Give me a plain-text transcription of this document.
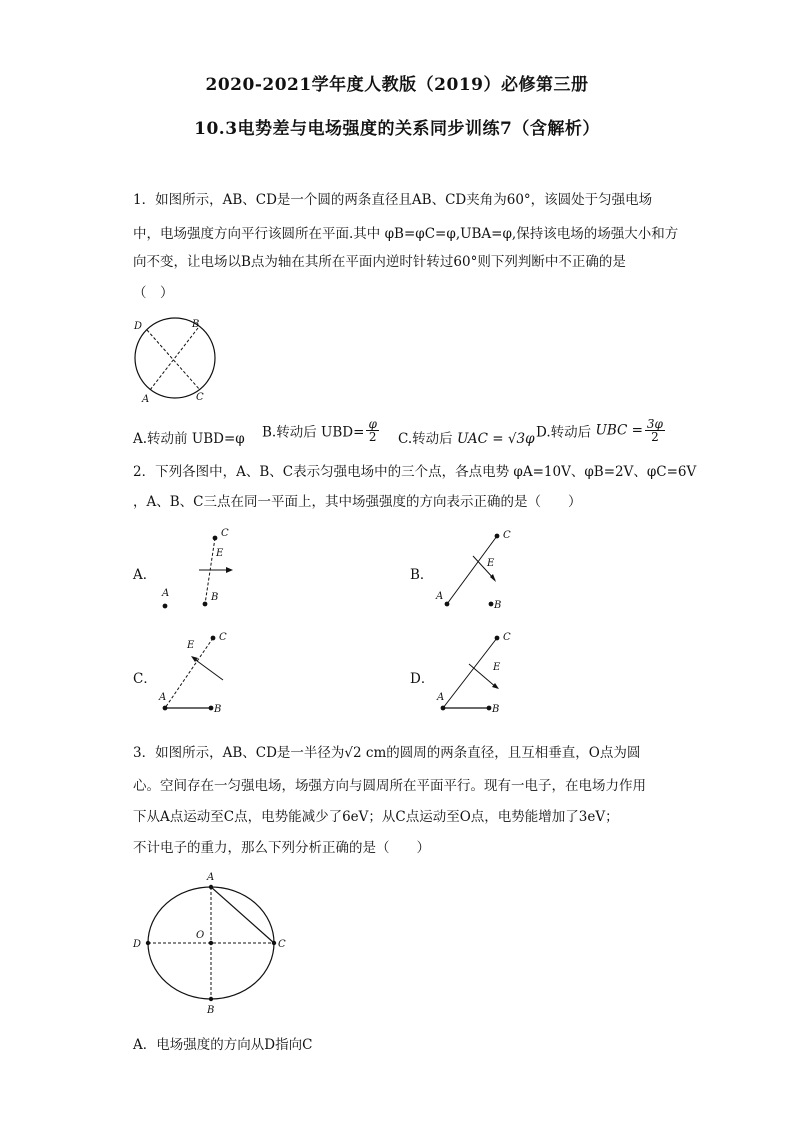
2020-2021学年度人教版（2019）必修第三册
10.3电势差与电场强度的关系同步训练7（含解析）
1．如图所示，AB、CD是一个圆的两条直径且AB、CD夹角为60°，该圆处于匀强电场
中，电场强度方向平行该圆所在平面.其中 φB=φC=φ,UBA=φ,保持该电场的场强大小和方
向不变，让电场以B点为轴在其所在平面内逆时针转过60°则下列判断中不正确的是
（　）
D	B
A	C
A.转动前 UBD=φ B.转动后 $UBD= \frac{\varphi}{2} C$.转动后 UAC = √3φ D.转动后 UBC = $\frac{3\varphi}{2}$
2．下列各图中，A、B、C表示匀强电场中的三个点，各点电势 φA=10V、φB=2V、φC=6V
，A、B、C三点在同一平面上，其中场强强度的方向表示正确的是（　　）
A．
C
E
A	B
B．
C
E
A
B
C．
C
E
A
B
D．
C
E
A
B
3．如图所示，AB、CD是一半径为√2 cm的圆周的两条直径，且互相垂直，O点为圆
心。空间存在一匀强电场，场强方向与圆周所在平面平行。现有一电子，在电场力作用
下从A点运动至C点，电势能减少了6eV；从C点运动至O点，电势能增加了3eV；
不计电子的重力，那么下列分析正确的是（　　）
A
B
D	C
O
A．电场强度的方向从D指向C
